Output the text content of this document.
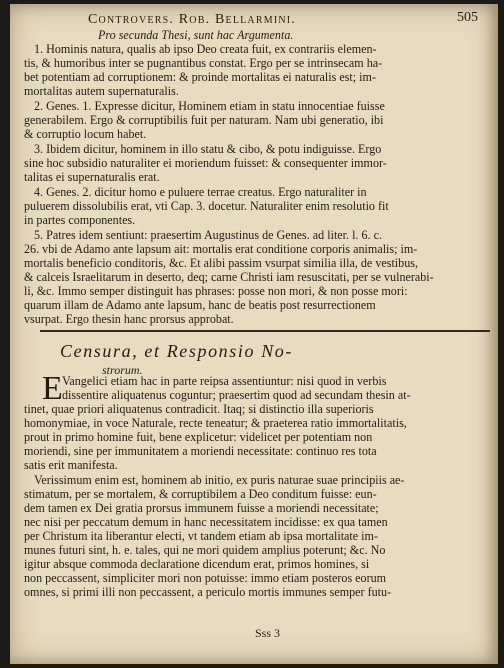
Controvers. Rob. Bellarmini.	505
Pro secunda Thesi, sunt hac Argumenta.
1. Hominis natura, qualis ab ipso Deo creata fuit, ex contrariis elemen-
tis, & humoribus inter se pugnantibus constat. Ergo per se intrinsecam ha-
bet potentiam ad corruptionem: & proinde mortalitas ei naturalis est; im-
mortalitas autem supernaturalis.
2. Genes. 1. Expresse dicitur, Hominem etiam in statu innocentiae fuisse
generabilem. Ergo & corruptibilis fuit per naturam. Nam ubi generatio, ibi
& corruptio locum habet.
3. Ibidem dicitur, hominem in illo statu & cibo, & potu indiguisse. Ergo
sine hoc subsidio naturaliter ei moriendum fuisset: & consequenter immor-
talitas ei supernaturalis erat.
4. Genes. 2. dicitur homo e puluere terrae creatus. Ergo naturaliter in
puluerem dissolubilis erat, vti Cap. 3. docetur. Naturaliter enim resolutio fit
in partes componentes.
5. Patres idem sentiunt: praesertim Augustinus de Genes. ad liter. l. 6. c.
26. vbi de Adamo ante lapsum ait: mortalis erat conditione corporis animalis; im-
mortalis beneficio conditoris, &c. Et alibi passim vsurpat similia illa, de vestibus,
& calceis Israelitarum in deserto, deq; carne Christi iam resuscitati, per se vulnerabi-
li, &c. Immo semper distinguit has phrases: posse non mori, & non posse mori:
quarum illam de Adamo ante lapsum, hanc de beatis post resurrectionem
vsurpat. Ergo thesin hanc prorsus approbat.
Censura, et Responsio No-
strorum.
E Vangelici etiam hac in parte reipsa assentiuntur: nisi quod in verbis
dissentire aliquatenus coguntur; praesertim quod ad secundam thesin at-
tinet, quae priori aliquatenus contradicit. Itaq; si distinctio illa superioris
homonymiae, in voce Naturale, recte teneatur; & praeterea ratio immortalitatis,
prout in primo homine fuit, bene explicetur: videlicet per potentiam non
moriendi, sine per immunitatem a moriendi necessitate: continuo res tota
satis erit manifesta.
Verissimum enim est, hominem ab initio, ex puris naturae suae principiis ae-
stimatum, per se mortalem, & corruptibilem a Deo conditum fuisse: eun-
dem tamen ex Dei gratia prorsus immunem fuisse a moriendi necessitate;
nec nisi per peccatum demum in hanc necessitatem incidisse: ex qua tamen
per Christum ita liberantur electi, vt tandem etiam ab ipsa mortalitate im-
munes futuri sint, h. e. tales, qui ne mori quidem amplius poterunt; &c. No
igitur absque commoda declaratione dicendum erat, primos homines, si
non peccassent, simpliciter mori non potuisse: immo etiam posteros eorum
omnes, si primi illi non peccassent, a periculo mortis immunes semper futu-
Sss 3
